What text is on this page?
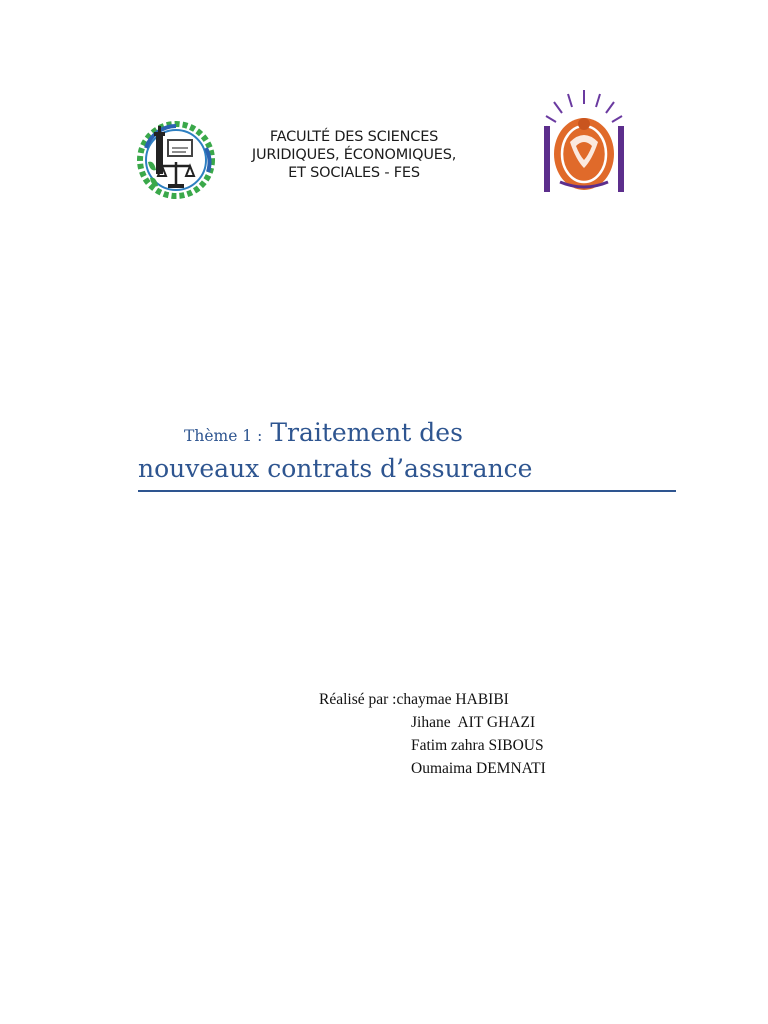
FACULTÉ DES SCIENCES
JURIDIQUES, ÉCONOMIQUES,
ET SOCIALES - FES
Thème 1 : Traitement des
nouveaux contrats d’assurance
Réalisé par :chaymae HABIBI
Jihane  AIT GHAZI
Fatim zahra SIBOUS
Oumaima DEMNATI
